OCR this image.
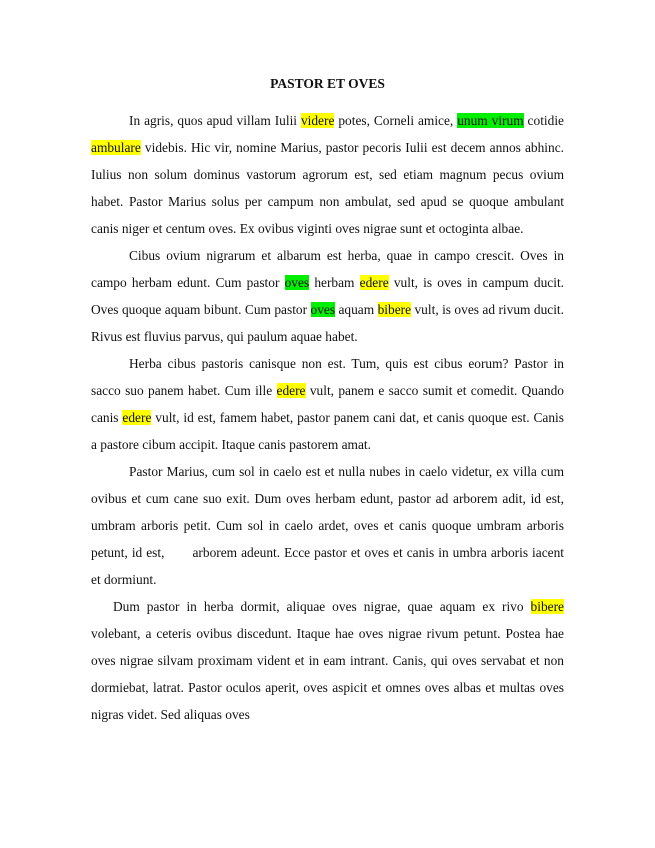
PASTOR ET OVES

In agris, quos apud villam Iulii videre potes, Corneli amice, unum virum cotidie ambulare videbis. Hic vir, nomine Marius, pastor pecoris Iulii est decem annos abhinc. Iulius non solum dominus vastorum agrorum est, sed etiam magnum pecus ovium habet. Pastor Marius solus per campum non ambulat, sed apud se quoque ambulant canis niger et centum oves. Ex ovibus viginti oves nigrae sunt et octoginta albae.

Cibus ovium nigrarum et albarum est herba, quae in campo crescit. Oves in campo herbam edunt. Cum pastor oves herbam edere vult, is oves in campum ducit. Oves quoque aquam bibunt. Cum pastor oves aquam bibere vult, is oves ad rivum ducit. Rivus est fluvius parvus, qui paulum aquae habet.

Herba cibus pastoris canisque non est. Tum, quis est cibus eorum? Pastor in sacco suo panem habet. Cum ille edere vult, panem e sacco sumit et comedit. Quando canis edere vult, id est, famem habet, pastor panem cani dat, et canis quoque est. Canis a pastore cibum accipit. Itaque canis pastorem amat.

Pastor Marius, cum sol in caelo est et nulla nubes in caelo videtur, ex villa cum ovibus et cum cane suo exit. Dum oves herbam edunt, pastor ad arborem adit, id est, umbram arboris petit. Cum sol in caelo ardet, oves et canis quoque umbram arboris petunt, id est, arborem adeunt. Ecce pastor et oves et canis in umbra arboris iacent et dormiunt.

Dum pastor in herba dormit, aliquae oves nigrae, quae aquam ex rivo bibere volebant, a ceteris ovibus discedunt. Itaque hae oves nigrae rivum petunt. Postea hae oves nigrae silvam proximam vident et in eam intrant. Canis, qui oves servabat et non dormiebat, latrat. Pastor oculos aperit, oves aspicit et omnes oves albas et multas oves nigras videt. Sed aliquas oves
